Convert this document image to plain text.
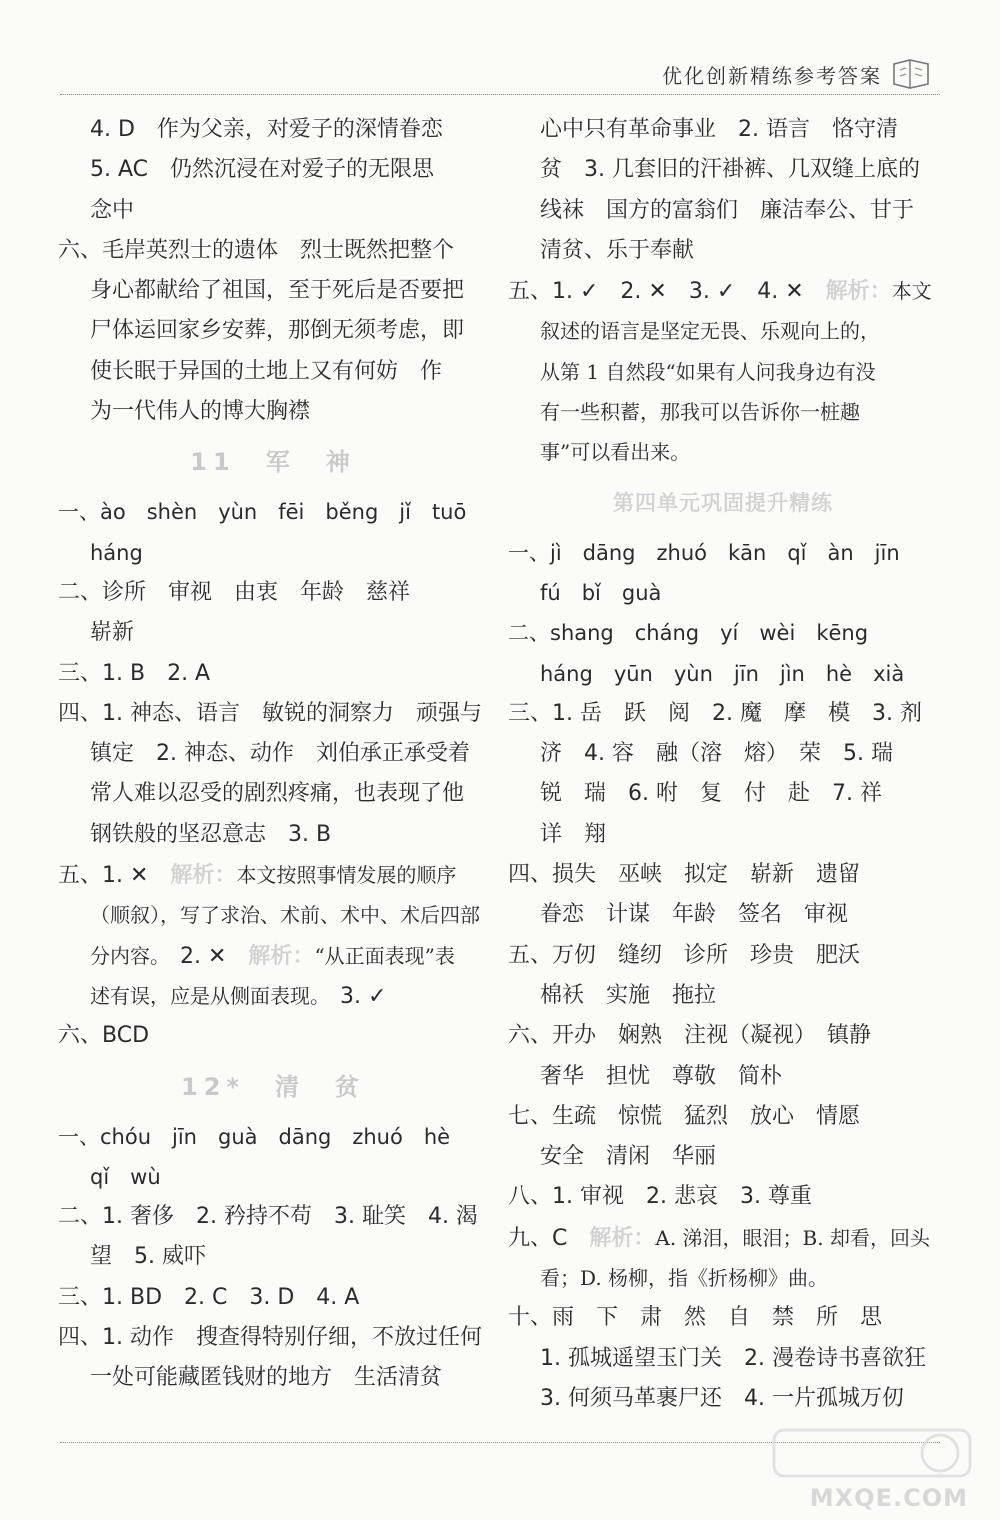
优化创新精练参考答案
4. D　作为父亲，对爱子的深情眷恋
5. AC　仍然沉浸在对爱子的无限思
念中
六、毛岸英烈士的遗体　烈士既然把整个
身心都献给了祖国，至于死后是否要把
尸体运回家乡安葬，那倒无须考虑，即
使长眠于异国的土地上又有何妨　作
为一代伟人的博大胸襟
11　军　神
一、ào　shèn　yùn　fēi　běng　jǐ　tuō
háng
二、诊所　审视　由衷　年龄　慈祥
崭新
三、1. B　2. A
四、1. 神态、语言　敏锐的洞察力　顽强与
镇定　2. 神态、动作　刘伯承正承受着
常人难以忍受的剧烈疼痛，也表现了他
钢铁般的坚忍意志　3. B
五、1. ✕　解析：本文按照事情发展的顺序
（顺叙），写了求治、术前、术中、术后四部
分内容。　2. ✕　解析：“从正面表现”表
述有误，应是从侧面表现。　3. ✓
六、BCD
12*　清　贫
一、chóu　jīn　guà　dāng　zhuó　hè
qǐ　wù
二、1. 奢侈　2. 矜持不苟　3. 耻笑　4. 渴
望　5. 威吓
三、1. BD　2. C　3. D　4. A
四、1. 动作　搜查得特别仔细，不放过任何
一处可能藏匿钱财的地方　生活清贫
心中只有革命事业　2. 语言　恪守清
贫　3. 几套旧的汗褂裤、几双缝上底的
线袜　国方的富翁们　廉洁奉公、甘于
清贫、乐于奉献
五、1. ✓　2. ✕　3. ✓　4. ✕　解析：本文
叙述的语言是坚定无畏、乐观向上的，
从第 1 自然段“如果有人问我身边有没
有一些积蓄，那我可以告诉你一桩趣
事”可以看出来。
第四单元巩固提升精练
一、jì　dāng　zhuó　kān　qǐ　àn　jīn
fú　bǐ　guà
二、shang　cháng　yí　wèi　kēng
háng　yūn　yùn　jīn　jìn　hè　xià
三、1. 岳　跃　阅　2. 魔　摩　模　3. 剂
济　4. 容　融（溶　熔）　荣　5. 瑞
锐　瑞　6. 咐　复　付　赴　7. 祥
详　翔
四、损失　巫峡　拟定　崭新　遗留
眷恋　计谋　年龄　签名　审视
五、万仞　缝纫　诊所　珍贵　肥沃
棉袄　实施　拖拉
六、开办　娴熟　注视（凝视）　镇静
奢华　担忧　尊敬　简朴
七、生疏　惊慌　猛烈　放心　情愿
安全　清闲　华丽
八、1. 审视　2. 悲哀　3. 尊重
九、C　解析：A. 涕泪，眼泪；B. 却看，回头
看；D. 杨柳，指《折杨柳》曲。
十、雨　下　肃　然　自　禁　所　思
1. 孤城遥望玉门关　2. 漫卷诗书喜欲狂
3. 何须马革裹尸还　4. 一片孤城万仞
MXQE.COM
